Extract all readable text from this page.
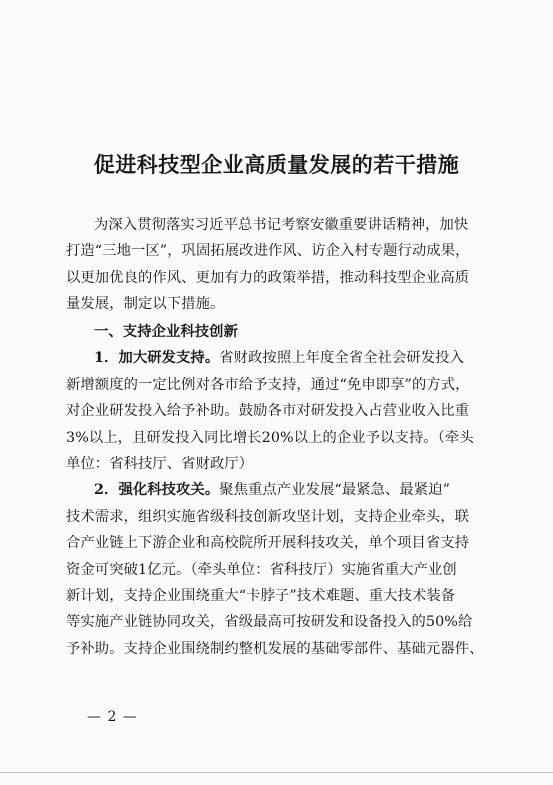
促进科技型企业高质量发展的若干措施
为深入贯彻落实习近平总书记考察安徽重要讲话精神，加快
打造“三地一区”，巩固拓展改进作风、访企入村专题行动成果，
以更加优良的作风、更加有力的政策举措，推动科技型企业高质
量发展，制定以下措施。
一、支持企业科技创新
1．加大研发支持。省财政按照上年度全省全社会研发投入
新增额度的一定比例对各市给予支持，通过“免申即享”的方式，
对企业研发投入给予补助。鼓励各市对研发投入占营业收入比重
3%以上，且研发投入同比增长20%以上的企业予以支持。（牵头
单位：省科技厅、省财政厅）
2．强化科技攻关。聚焦重点产业发展“最紧急、最紧迫”
技术需求，组织实施省级科技创新攻坚计划，支持企业牵头，联
合产业链上下游企业和高校院所开展科技攻关，单个项目省支持
资金可突破1亿元。（牵头单位：省科技厅）实施省重大产业创
新计划，支持企业围绕重大“卡脖子”技术难题、重大技术装备
等实施产业链协同攻关，省级最高可按研发和设备投入的50%给
予补助。支持企业围绕制约整机发展的基础零部件、基础元器件、
— 2 —
